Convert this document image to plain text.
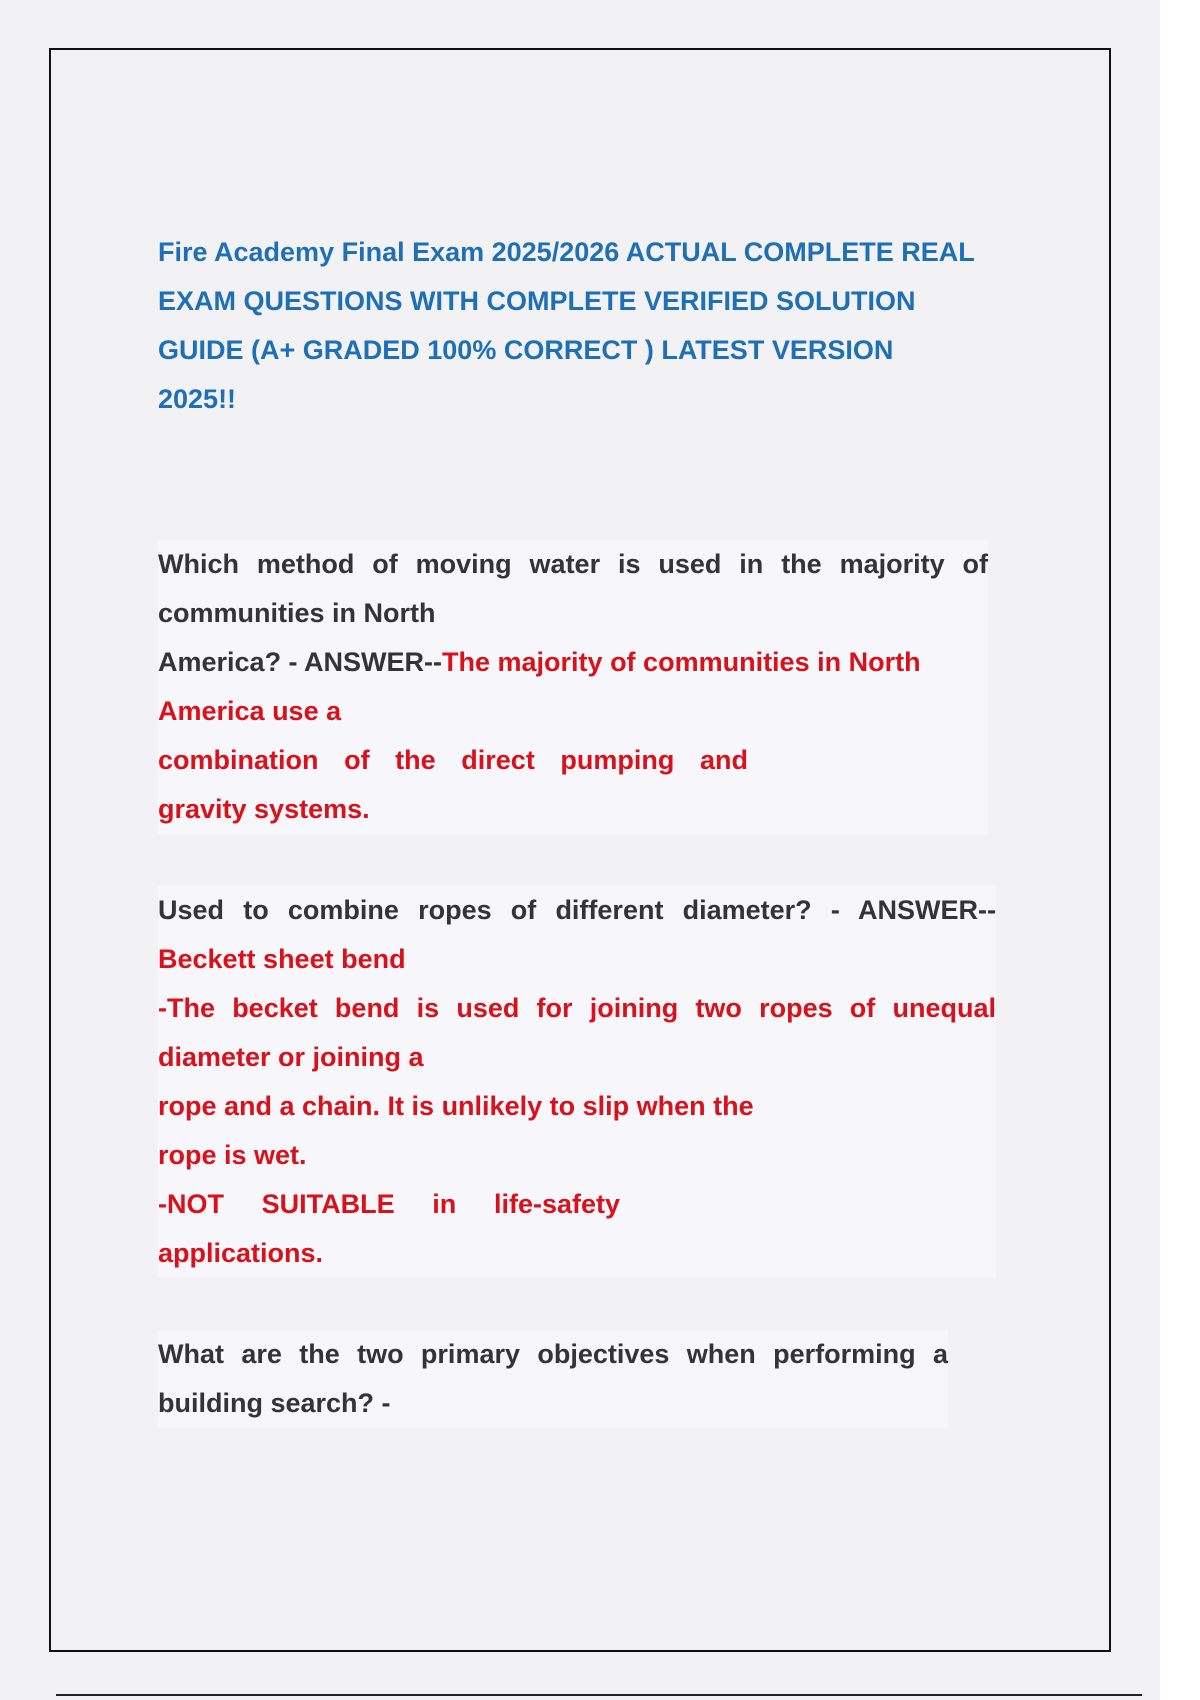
Fire Academy Final Exam 2025/2026 ACTUAL COMPLETE REAL
EXAM QUESTIONS WITH COMPLETE VERIFIED SOLUTION
GUIDE (A+ GRADED 100% CORRECT ) LATEST VERSION
2025!!
Which method of moving water is used in the majority of
communities in North
America? - ANSWER--The majority of communities in North
America use a
combination of the direct pumping and
gravity systems.
Used to combine ropes of different diameter? - ANSWER--
Beckett sheet bend
-The becket bend is used for joining two ropes of unequal
diameter or joining a
rope and a chain. It is unlikely to slip when the
rope is wet.
-NOT SUITABLE in life-safety
applications.
What are the two primary objectives when performing a
building search? -
